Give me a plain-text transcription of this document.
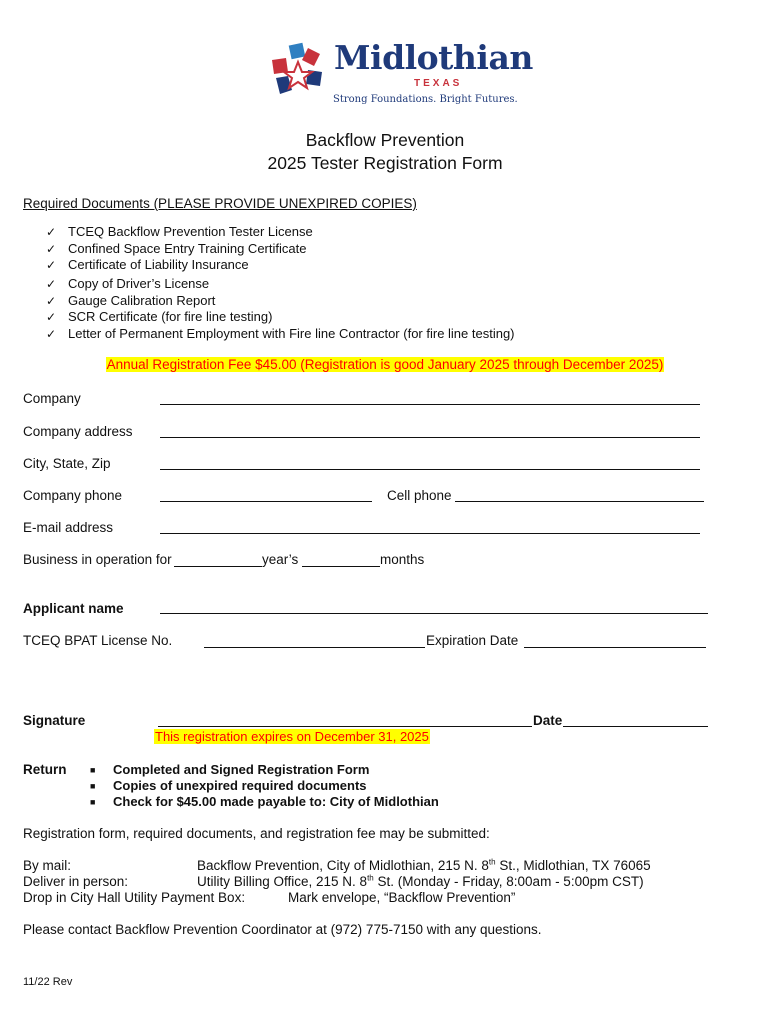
Midlothian
TEXAS
Strong Foundations. Bright Futures.
Backflow Prevention
2025 Tester Registration Form
Required Documents (PLEASE PROVIDE UNEXPIRED COPIES)
✓ TCEQ Backflow Prevention Tester License
✓ Confined Space Entry Training Certificate
✓ Certificate of Liability Insurance
✓ Copy of Driver’s License
✓ Gauge Calibration Report
✓ SCR Certificate (for fire line testing)
✓ Letter of Permanent Employment with Fire line Contractor (for fire line testing)
Annual Registration Fee $45.00 (Registration is good January 2025 through December 2025)
Company
Company address
City, State, Zip
Company phone	Cell phone
E-mail address
Business in operation for	year’s	months
Applicant name
TCEQ BPAT License No.	Expiration Date
Signature	Date
This registration expires on December 31, 2025
Return	■	Completed and Signed Registration Form
■	Copies of unexpired required documents
■	Check for $45.00 made payable to: City of Midlothian
Registration form, required documents, and registration fee may be submitted:
By mail:	Backflow Prevention, City of Midlothian, 215 N. 8th St., Midlothian, TX 76065
Deliver in person:	Utility Billing Office, 215 N. 8th St. (Monday - Friday, 8:00am - 5:00pm CST)
Drop in City Hall Utility Payment Box:	Mark envelope, “Backflow Prevention”
Please contact Backflow Prevention Coordinator at (972) 775-7150 with any questions.
11/22 Rev
